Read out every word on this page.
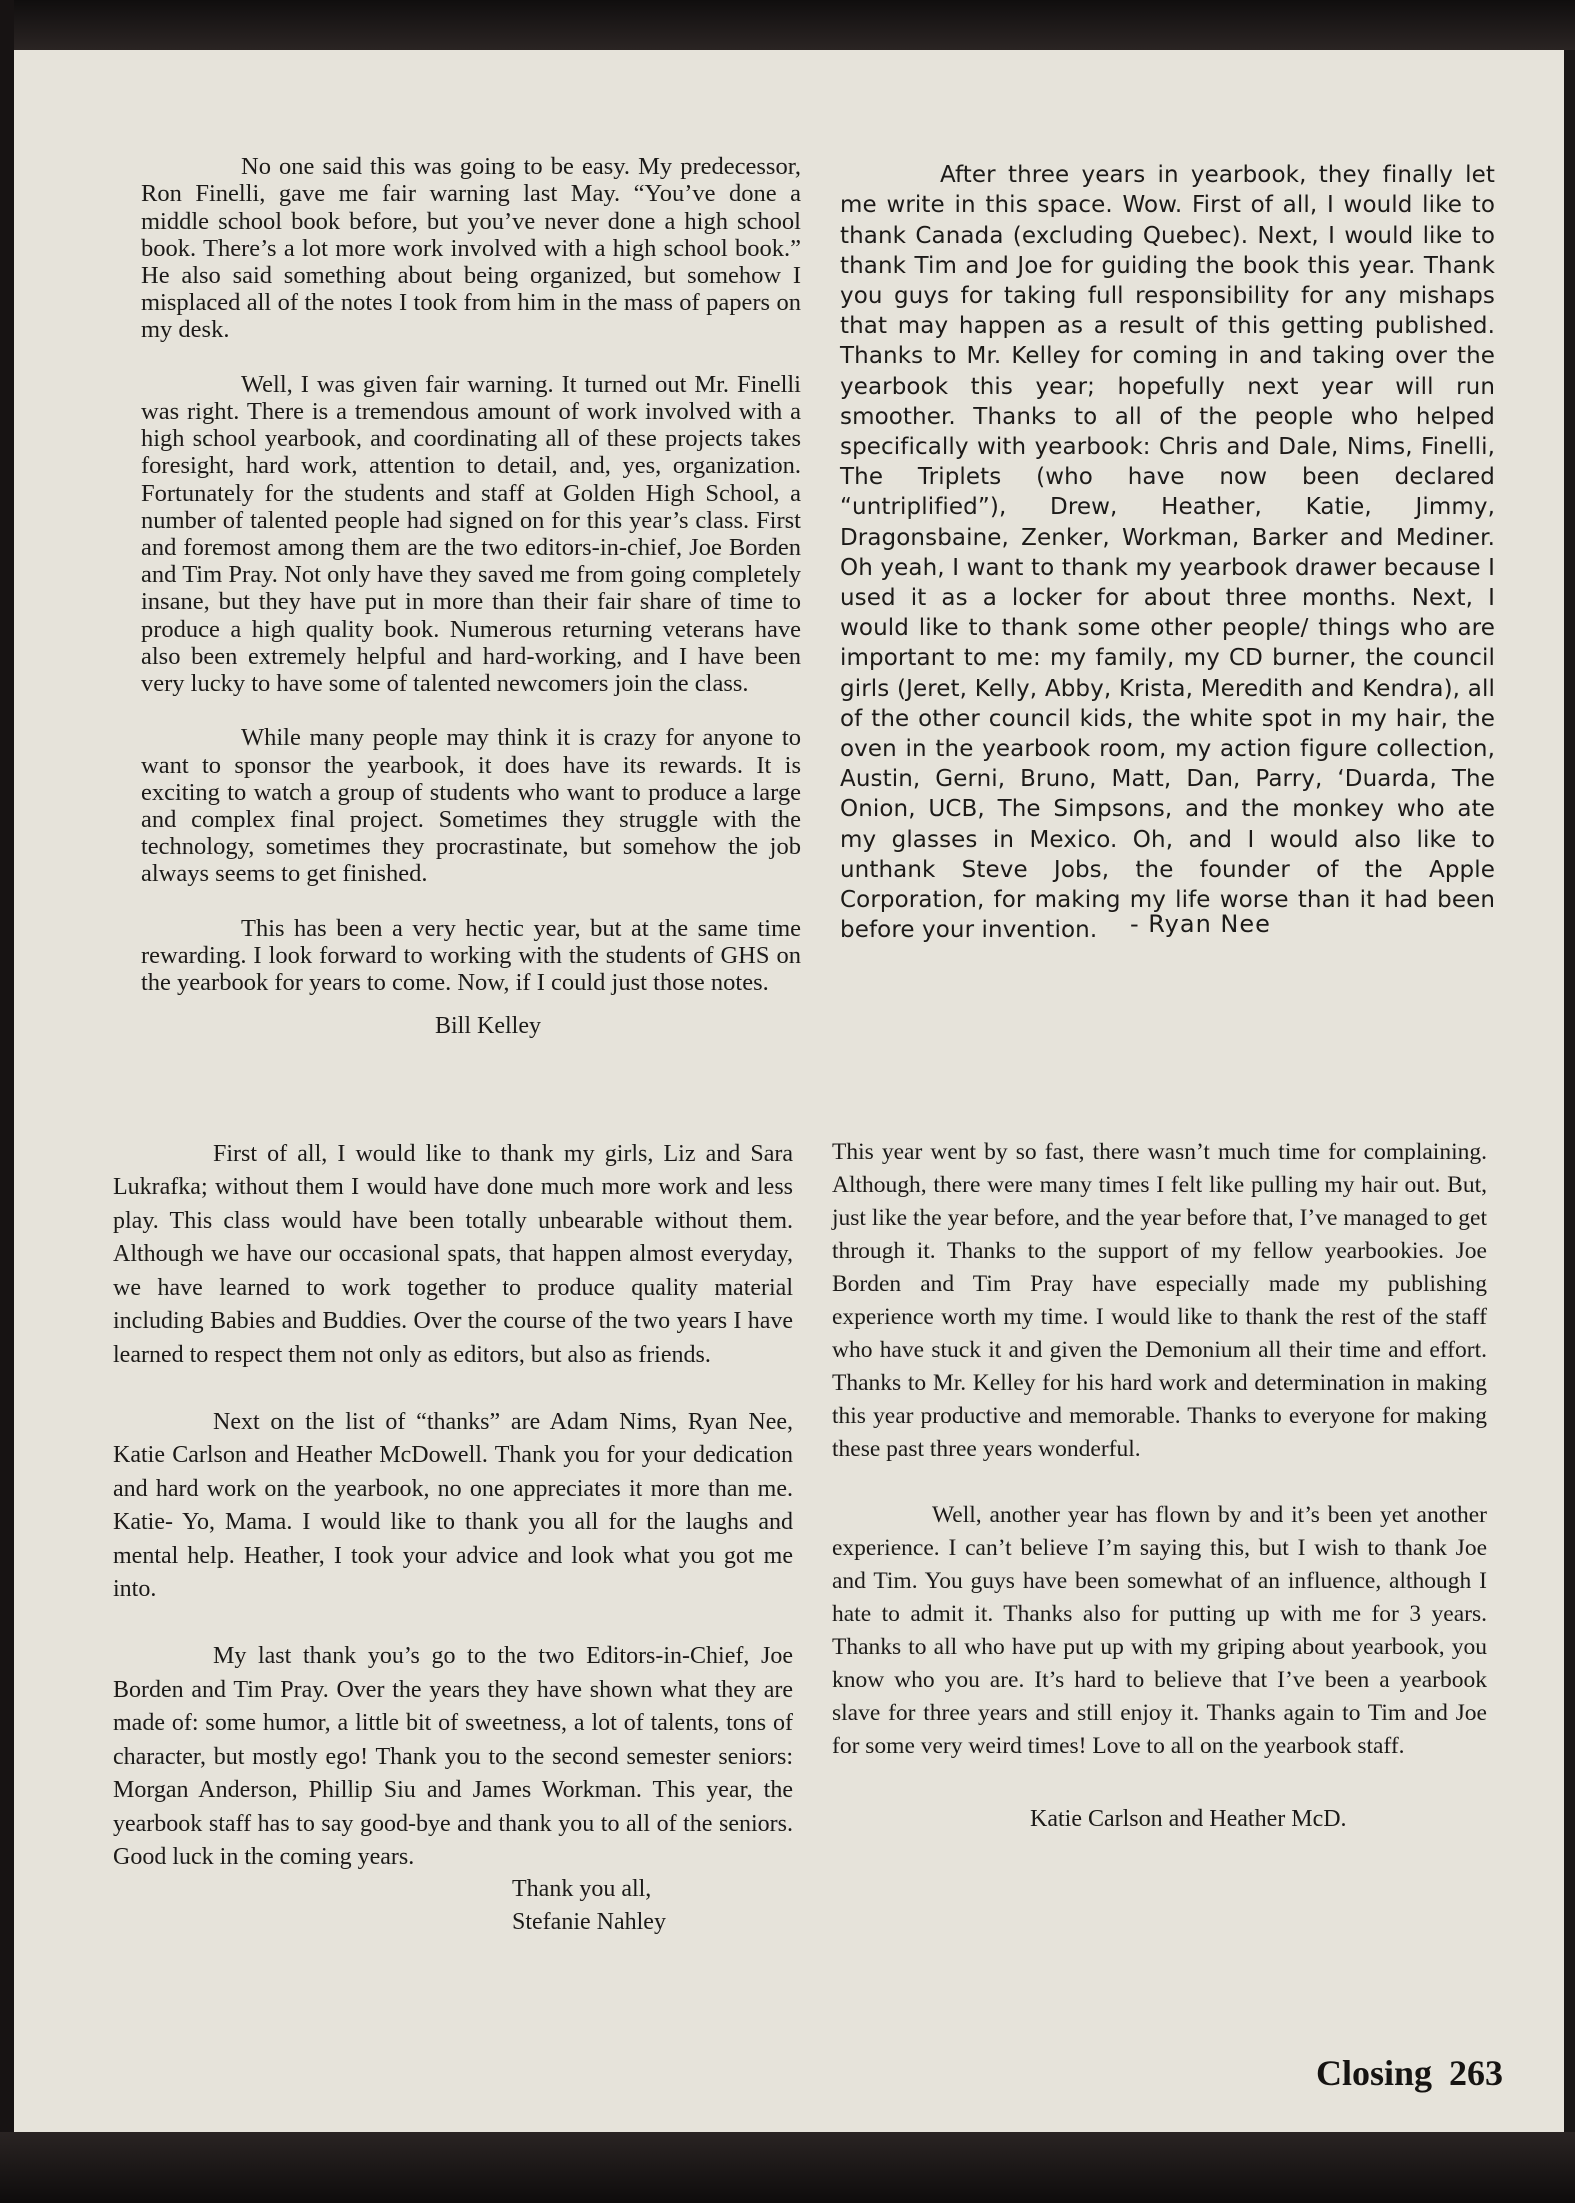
No one said this was going to be easy. My predecessor, Ron Finelli, gave me fair warning last May. “You’ve done a middle school book before, but you’ve never done a high school book. There’s a lot more work involved with a high school book.” He also said something about being organized, but somehow I misplaced all of the notes I took from him in the mass of papers on my desk.

Well, I was given fair warning. It turned out Mr. Finelli was right. There is a tremendous amount of work involved with a high school yearbook, and coordinating all of these projects takes foresight, hard work, attention to detail, and, yes, organization. Fortunately for the students and staff at Golden High School, a number of talented people had signed on for this year’s class. First and foremost among them are the two editors-in-chief, Joe Borden and Tim Pray. Not only have they saved me from going completely insane, but they have put in more than their fair share of time to produce a high quality book. Numerous returning veterans have also been extremely helpful and hard-working, and I have been very lucky to have some of talented newcomers join the class.

While many people may think it is crazy for anyone to want to sponsor the yearbook, it does have its rewards. It is exciting to watch a group of students who want to produce a large and complex final project. Sometimes they struggle with the technology, sometimes they procrastinate, but somehow the job always seems to get finished.

This has been a very hectic year, but at the same time rewarding. I look forward to working with the students of GHS on the yearbook for years to come. Now, if I could just those notes.

Bill Kelley

After three years in yearbook, they finally let me write in this space. Wow. First of all, I would like to thank Canada (excluding Quebec). Next, I would like to thank Tim and Joe for guiding the book this year. Thank you guys for taking full responsibility for any mishaps that may happen as a result of this getting published. Thanks to Mr. Kelley for coming in and taking over the yearbook this year; hopefully next year will run smoother. Thanks to all of the people who helped specifically with yearbook: Chris and Dale, Nims, Finelli, The Triplets (who have now been declared “untriplified”), Drew, Heather, Katie, Jimmy, Dragonsbaine, Zenker, Workman, Barker and Mediner. Oh yeah, I want to thank my yearbook drawer because I used it as a locker for about three months. Next, I would like to thank some other people/ things who are important to me: my family, my CD burner, the council girls (Jeret, Kelly, Abby, Krista, Meredith and Kendra), all of the other council kids, the white spot in my hair, the oven in the yearbook room, my action figure collection, Austin, Gerni, Bruno, Matt, Dan, Parry, ‘Duarda, The Onion, UCB, The Simpsons, and the monkey who ate my glasses in Mexico. Oh, and I would also like to unthank Steve Jobs, the founder of the Apple Corporation, for making my life worse than it had been before your invention.	- Ryan Nee

First of all, I would like to thank my girls, Liz and Sara Lukrafka; without them I would have done much more work and less play. This class would have been totally unbearable without them. Although we have our occasional spats, that happen almost everyday, we have learned to work together to produce quality material including Babies and Buddies. Over the course of the two years I have learned to respect them not only as editors, but also as friends.

Next on the list of “thanks” are Adam Nims, Ryan Nee, Katie Carlson and Heather McDowell. Thank you for your dedication and hard work on the yearbook, no one appreciates it more than me. Katie- Yo, Mama. I would like to thank you all for the laughs and mental help. Heather, I took your advice and look what you got me into.

My last thank you’s go to the two Editors-in-Chief, Joe Borden and Tim Pray. Over the years they have shown what they are made of: some humor, a little bit of sweetness, a lot of talents, tons of character, but mostly ego! Thank you to the second semester seniors: Morgan Anderson, Phillip Siu and James Workman. This year, the yearbook staff has to say good-bye and thank you to all of the seniors. Good luck in the coming years.

Thank you all,
Stefanie Nahley

This year went by so fast, there wasn’t much time for complaining. Although, there were many times I felt like pulling my hair out. But, just like the year before, and the year before that, I’ve managed to get through it. Thanks to the support of my fellow yearbookies. Joe Borden and Tim Pray have especially made my publishing experience worth my time. I would like to thank the rest of the staff who have stuck it and given the Demonium all their time and effort. Thanks to Mr. Kelley for his hard work and determination in making this year productive and memorable. Thanks to everyone for making these past three years wonderful.

Well, another year has flown by and it’s been yet another experience. I can’t believe I’m saying this, but I wish to thank Joe and Tim. You guys have been somewhat of an influence, although I hate to admit it. Thanks also for putting up with me for 3 years. Thanks to all who have put up with my griping about yearbook, you know who you are. It’s hard to believe that I’ve been a yearbook slave for three years and still enjoy it. Thanks again to Tim and Joe for some very weird times! Love to all on the yearbook staff.

Katie Carlson and Heather McD.
Closing 263
